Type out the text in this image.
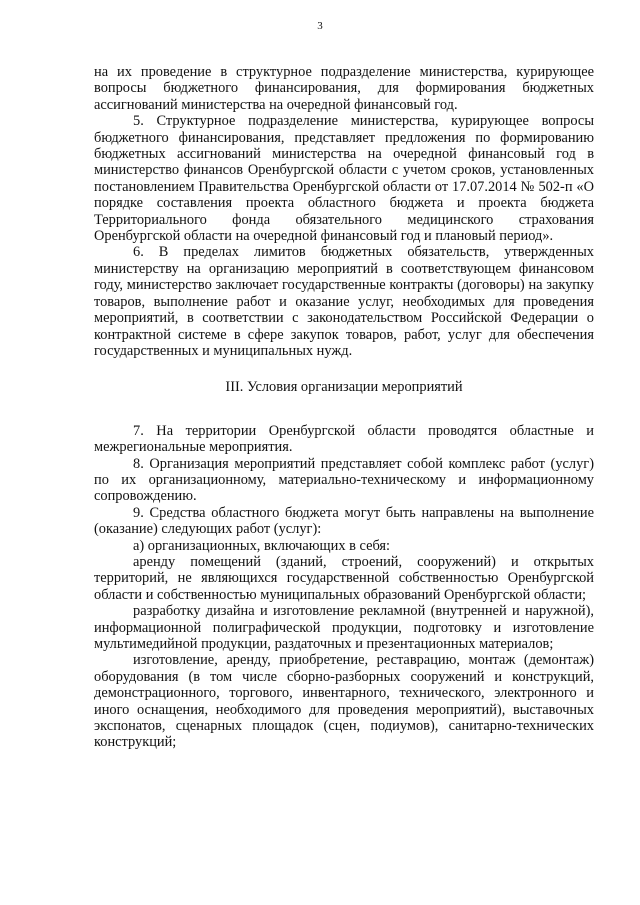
3

на их проведение в структурное подразделение министерства, курирующее вопросы бюджетного финансирования, для формирования бюджетных ассигнований министерства на очередной финансовый год.

5. Структурное подразделение министерства, курирующее вопросы бюджетного финансирования, представляет предложения по формированию бюджетных ассигнований министерства на очередной финансовый год в министерство финансов Оренбургской области с учетом сроков, установленных постановлением Правительства Оренбургской области от 17.07.2014 № 502-п «О порядке составления проекта областного бюджета и проекта бюджета Территориального фонда обязательного медицинского страхования Оренбургской области на очередной финансовый год и плановый период».

6. В пределах лимитов бюджетных обязательств, утвержденных министерству на организацию мероприятий в соответствующем финансовом году, министерство заключает государственные контракты (договоры) на закупку товаров, выполнение работ и оказание услуг, необходимых для проведения мероприятий, в соответствии с законодательством Российской Федерации о контрактной системе в сфере закупок товаров, работ, услуг для обеспечения государственных и муниципальных нужд.

III. Условия организации мероприятий

7. На территории Оренбургской области проводятся областные и межрегиональные мероприятия.

8. Организация мероприятий представляет собой комплекс работ (услуг) по их организационному, материально-техническому и информационному сопровождению.

9. Средства областного бюджета могут быть направлены на выполнение (оказание) следующих работ (услуг):

а) организационных, включающих в себя:

аренду помещений (зданий, строений, сооружений) и открытых территорий, не являющихся государственной собственностью Оренбургской области и собственностью муниципальных образований Оренбургской области;

разработку дизайна и изготовление рекламной (внутренней и наружной), информационной полиграфической продукции, подготовку и изготовление мультимедийной продукции, раздаточных и презентационных материалов;

изготовление, аренду, приобретение, реставрацию, монтаж (демонтаж) оборудования (в том числе сборно-разборных сооружений и конструкций, демонстрационного, торгового, инвентарного, технического, электронного и иного оснащения, необходимого для проведения мероприятий), выставочных экспонатов, сценарных площадок (сцен, подиумов), санитарно-технических конструкций;
